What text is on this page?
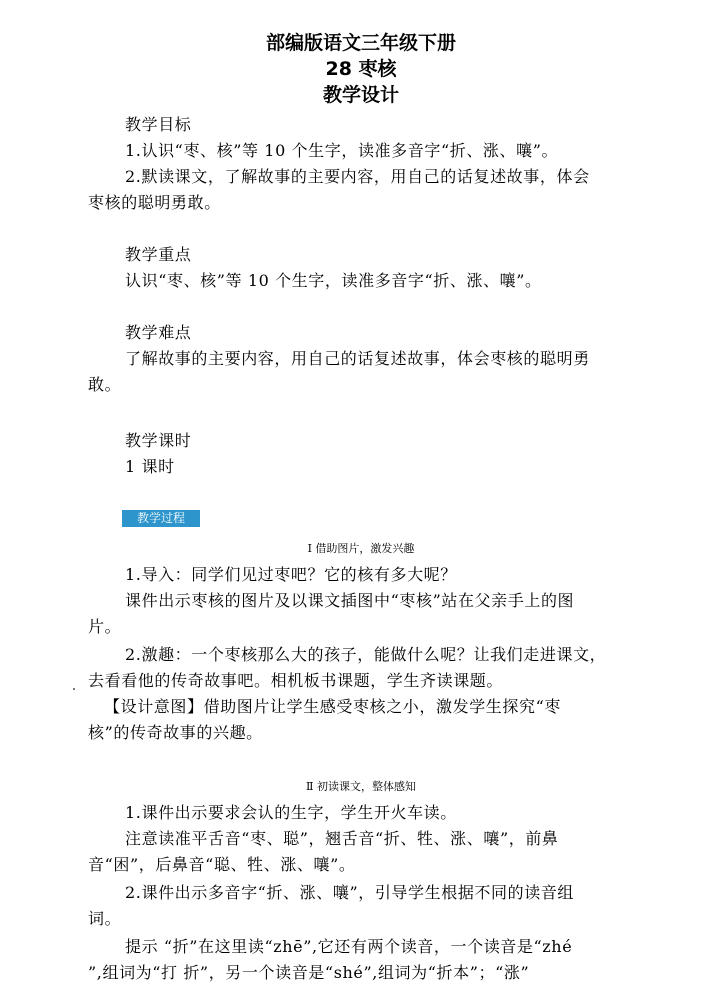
部编版语文三年级下册
28 枣核
教学设计
教学目标
1.认识“枣、核”等 10 个生字，读准多音字“折、涨、嚷”。
2.默读课文，了解故事的主要内容，用自己的话复述故事，体会
枣核的聪明勇敢。
教学重点
认识“枣、核”等 10 个生字，读准多音字“折、涨、嚷”。
教学难点
了解故事的主要内容，用自己的话复述故事，体会枣核的聪明勇
敢。
教学课时
1 课时
教学过程
Ⅰ 借助图片，激发兴趣
1.导入：同学们见过枣吧？它的核有多大呢？
课件出示枣核的图片及以课文插图中“枣核”站在父亲手上的图
片。
2.激趣：一个枣核那么大的孩子，能做什么呢？让我们走进课文，
去看看他的传奇故事吧。相机板书课题，学生齐读课题。
【设计意图】借助图片让学生感受枣核之小，激发学生探究“枣
核”的传奇故事的兴趣。
Ⅱ 初读课文，整体感知
1.课件出示要求会认的生字，学生开火车读。
注意读准平舌音“枣、聪”，翘舌音“折、牲、涨、嚷”，前鼻
音“困”，后鼻音“聪、牲、涨、嚷”。
2.课件出示多音字“折、涨、嚷”，引导学生根据不同的读音组
词。
提示 “折”在这里读“zhē”,它还有两个读音，一个读音是“zhé
”,组词为“打 折”，另一个读音是“shé”,组词为“折本”；“涨”
